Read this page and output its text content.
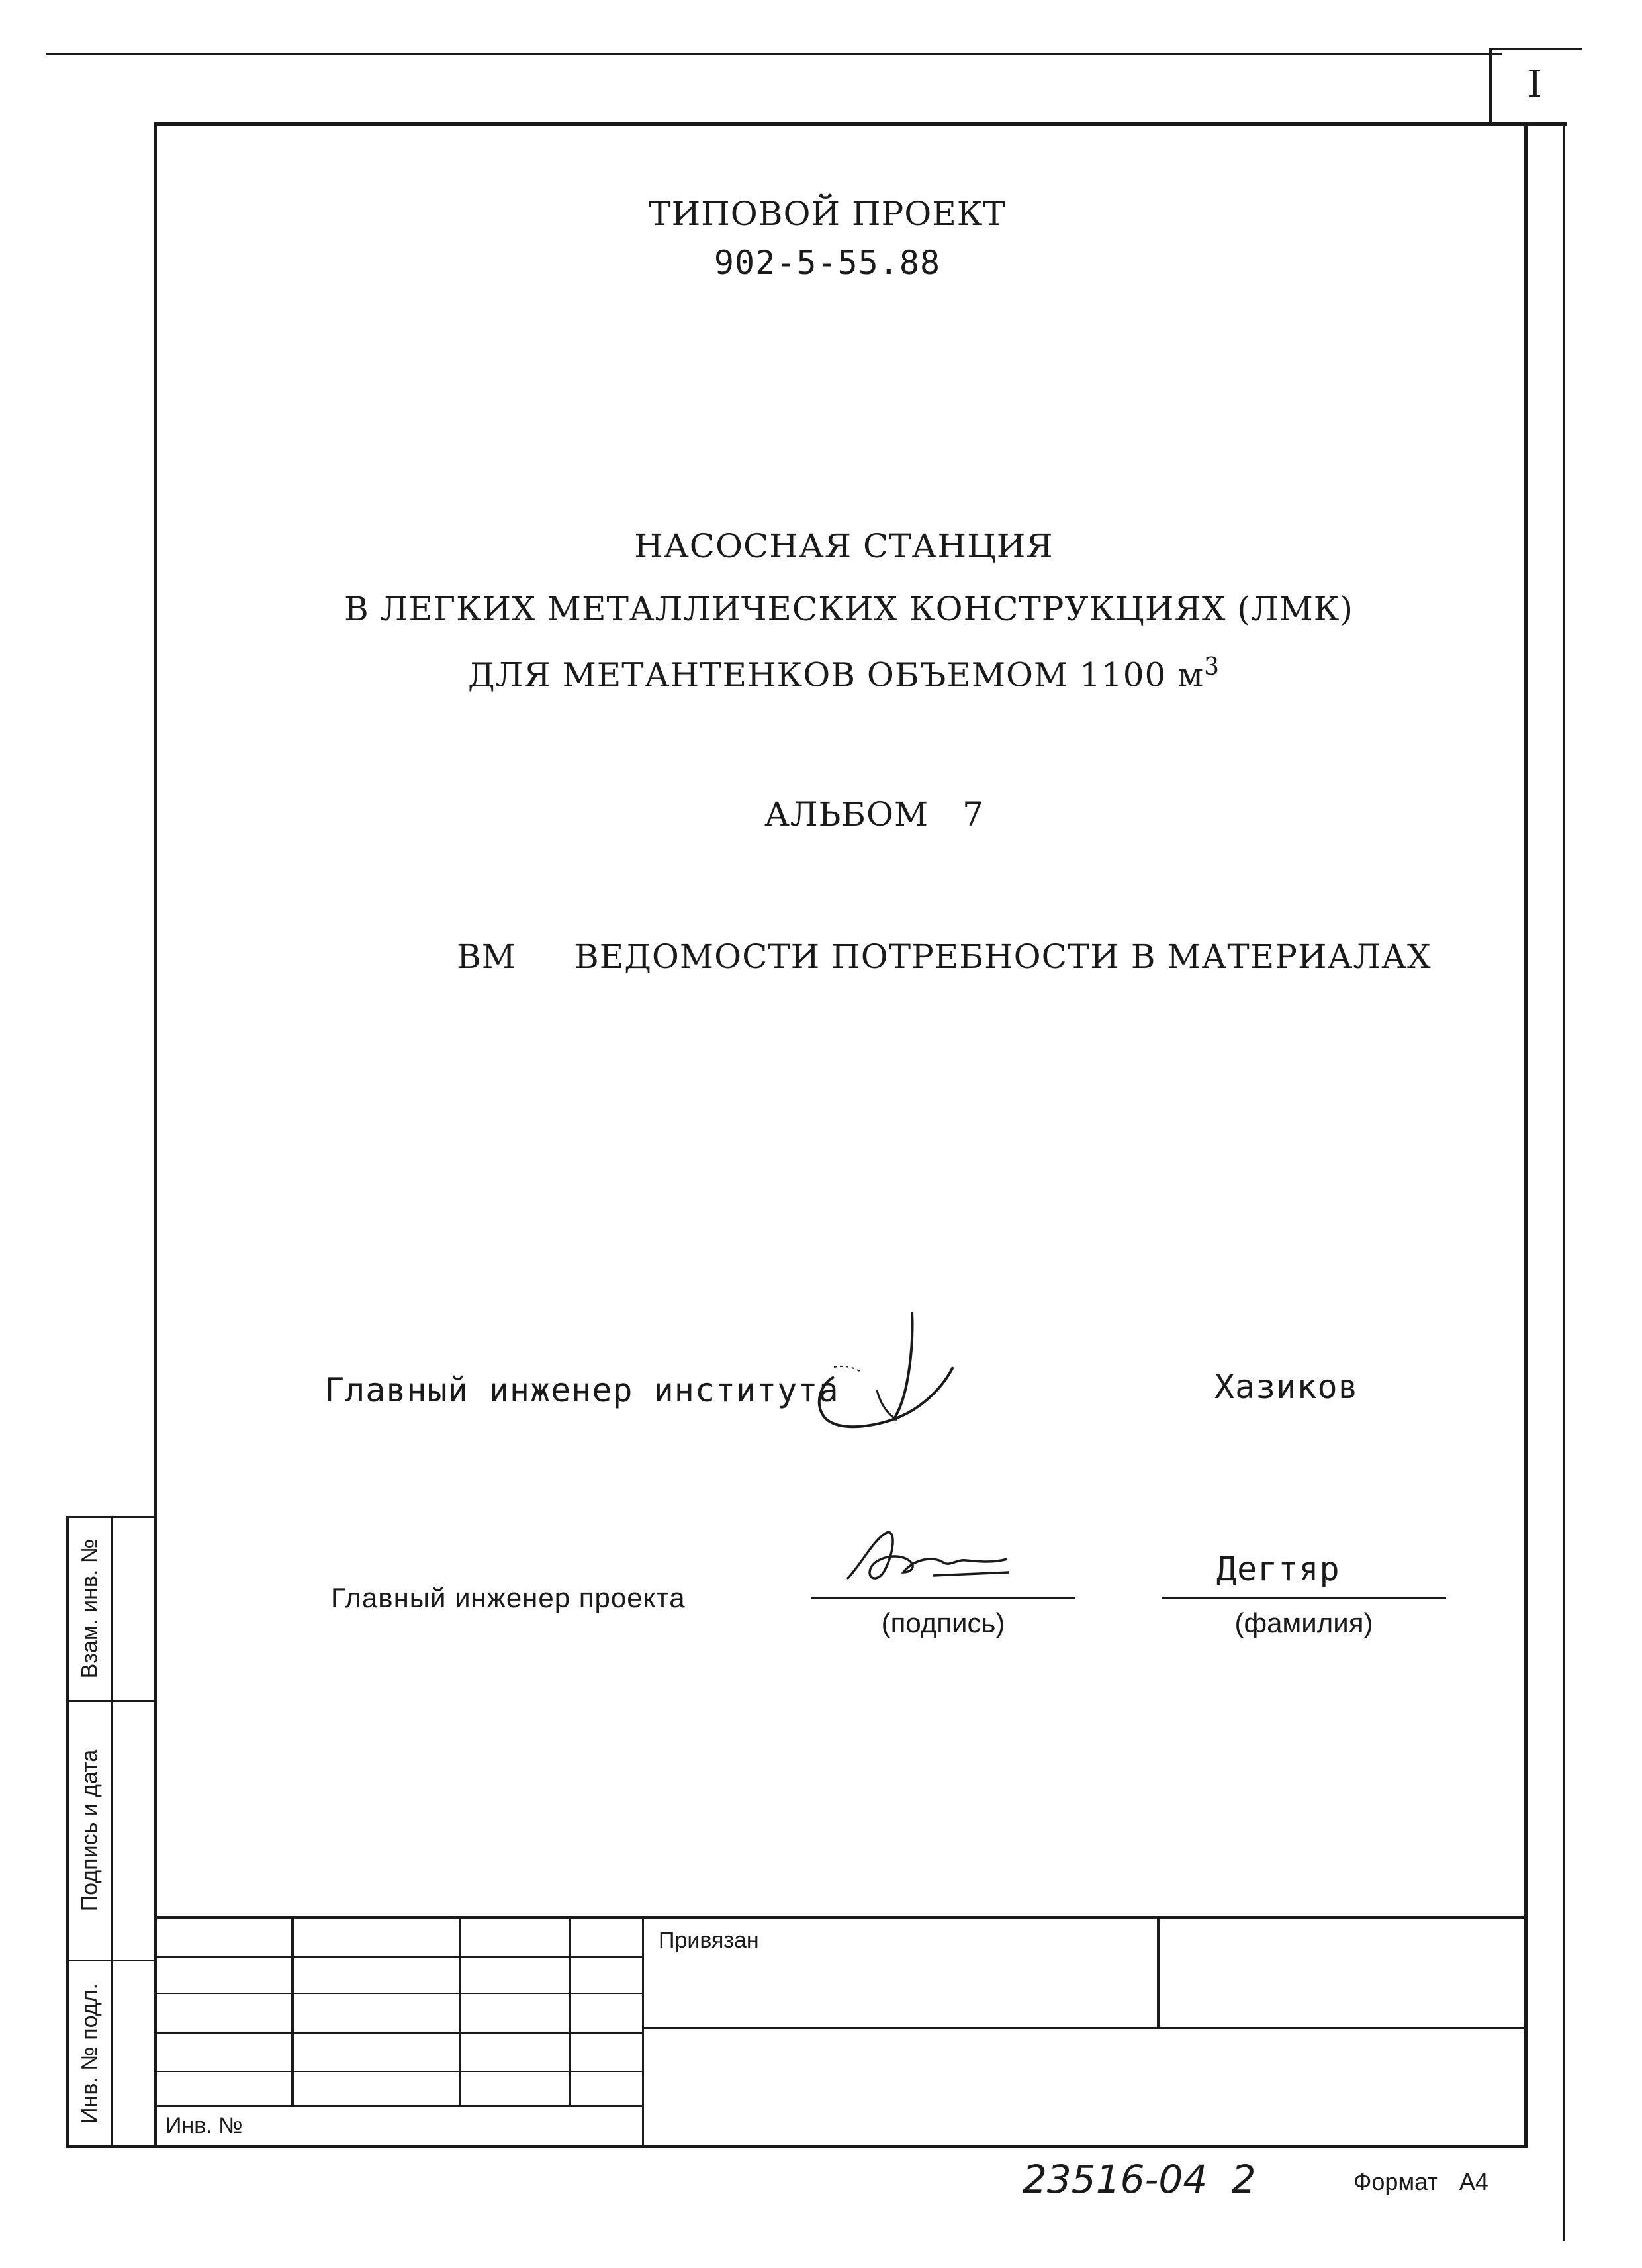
I
ТИПОВОЙ ПРОЕКТ
902-5-55.88
НАСОСНАЯ СТАНЦИЯ
В ЛЕГКИХ МЕТАЛЛИЧЕСКИХ КОНСТРУКЦИЯХ (ЛМК)
ДЛЯ МЕТАНТЕНКОВ ОБЪЕМОМ 1100 $м^3$
АЛЬБОМ 7
ВМ ВЕДОМОСТИ ПОТРЕБНОСТИ В МАТЕРИАЛАХ
Главный инженер института	Хазиков
Главный инженер проекта
(подпись)
Дегтяр
(фамилия)
Взам. инв. №
Подпись и дата
Инв. № подл.
Инв. №
Привязан
23516-04 2	Формат А4
